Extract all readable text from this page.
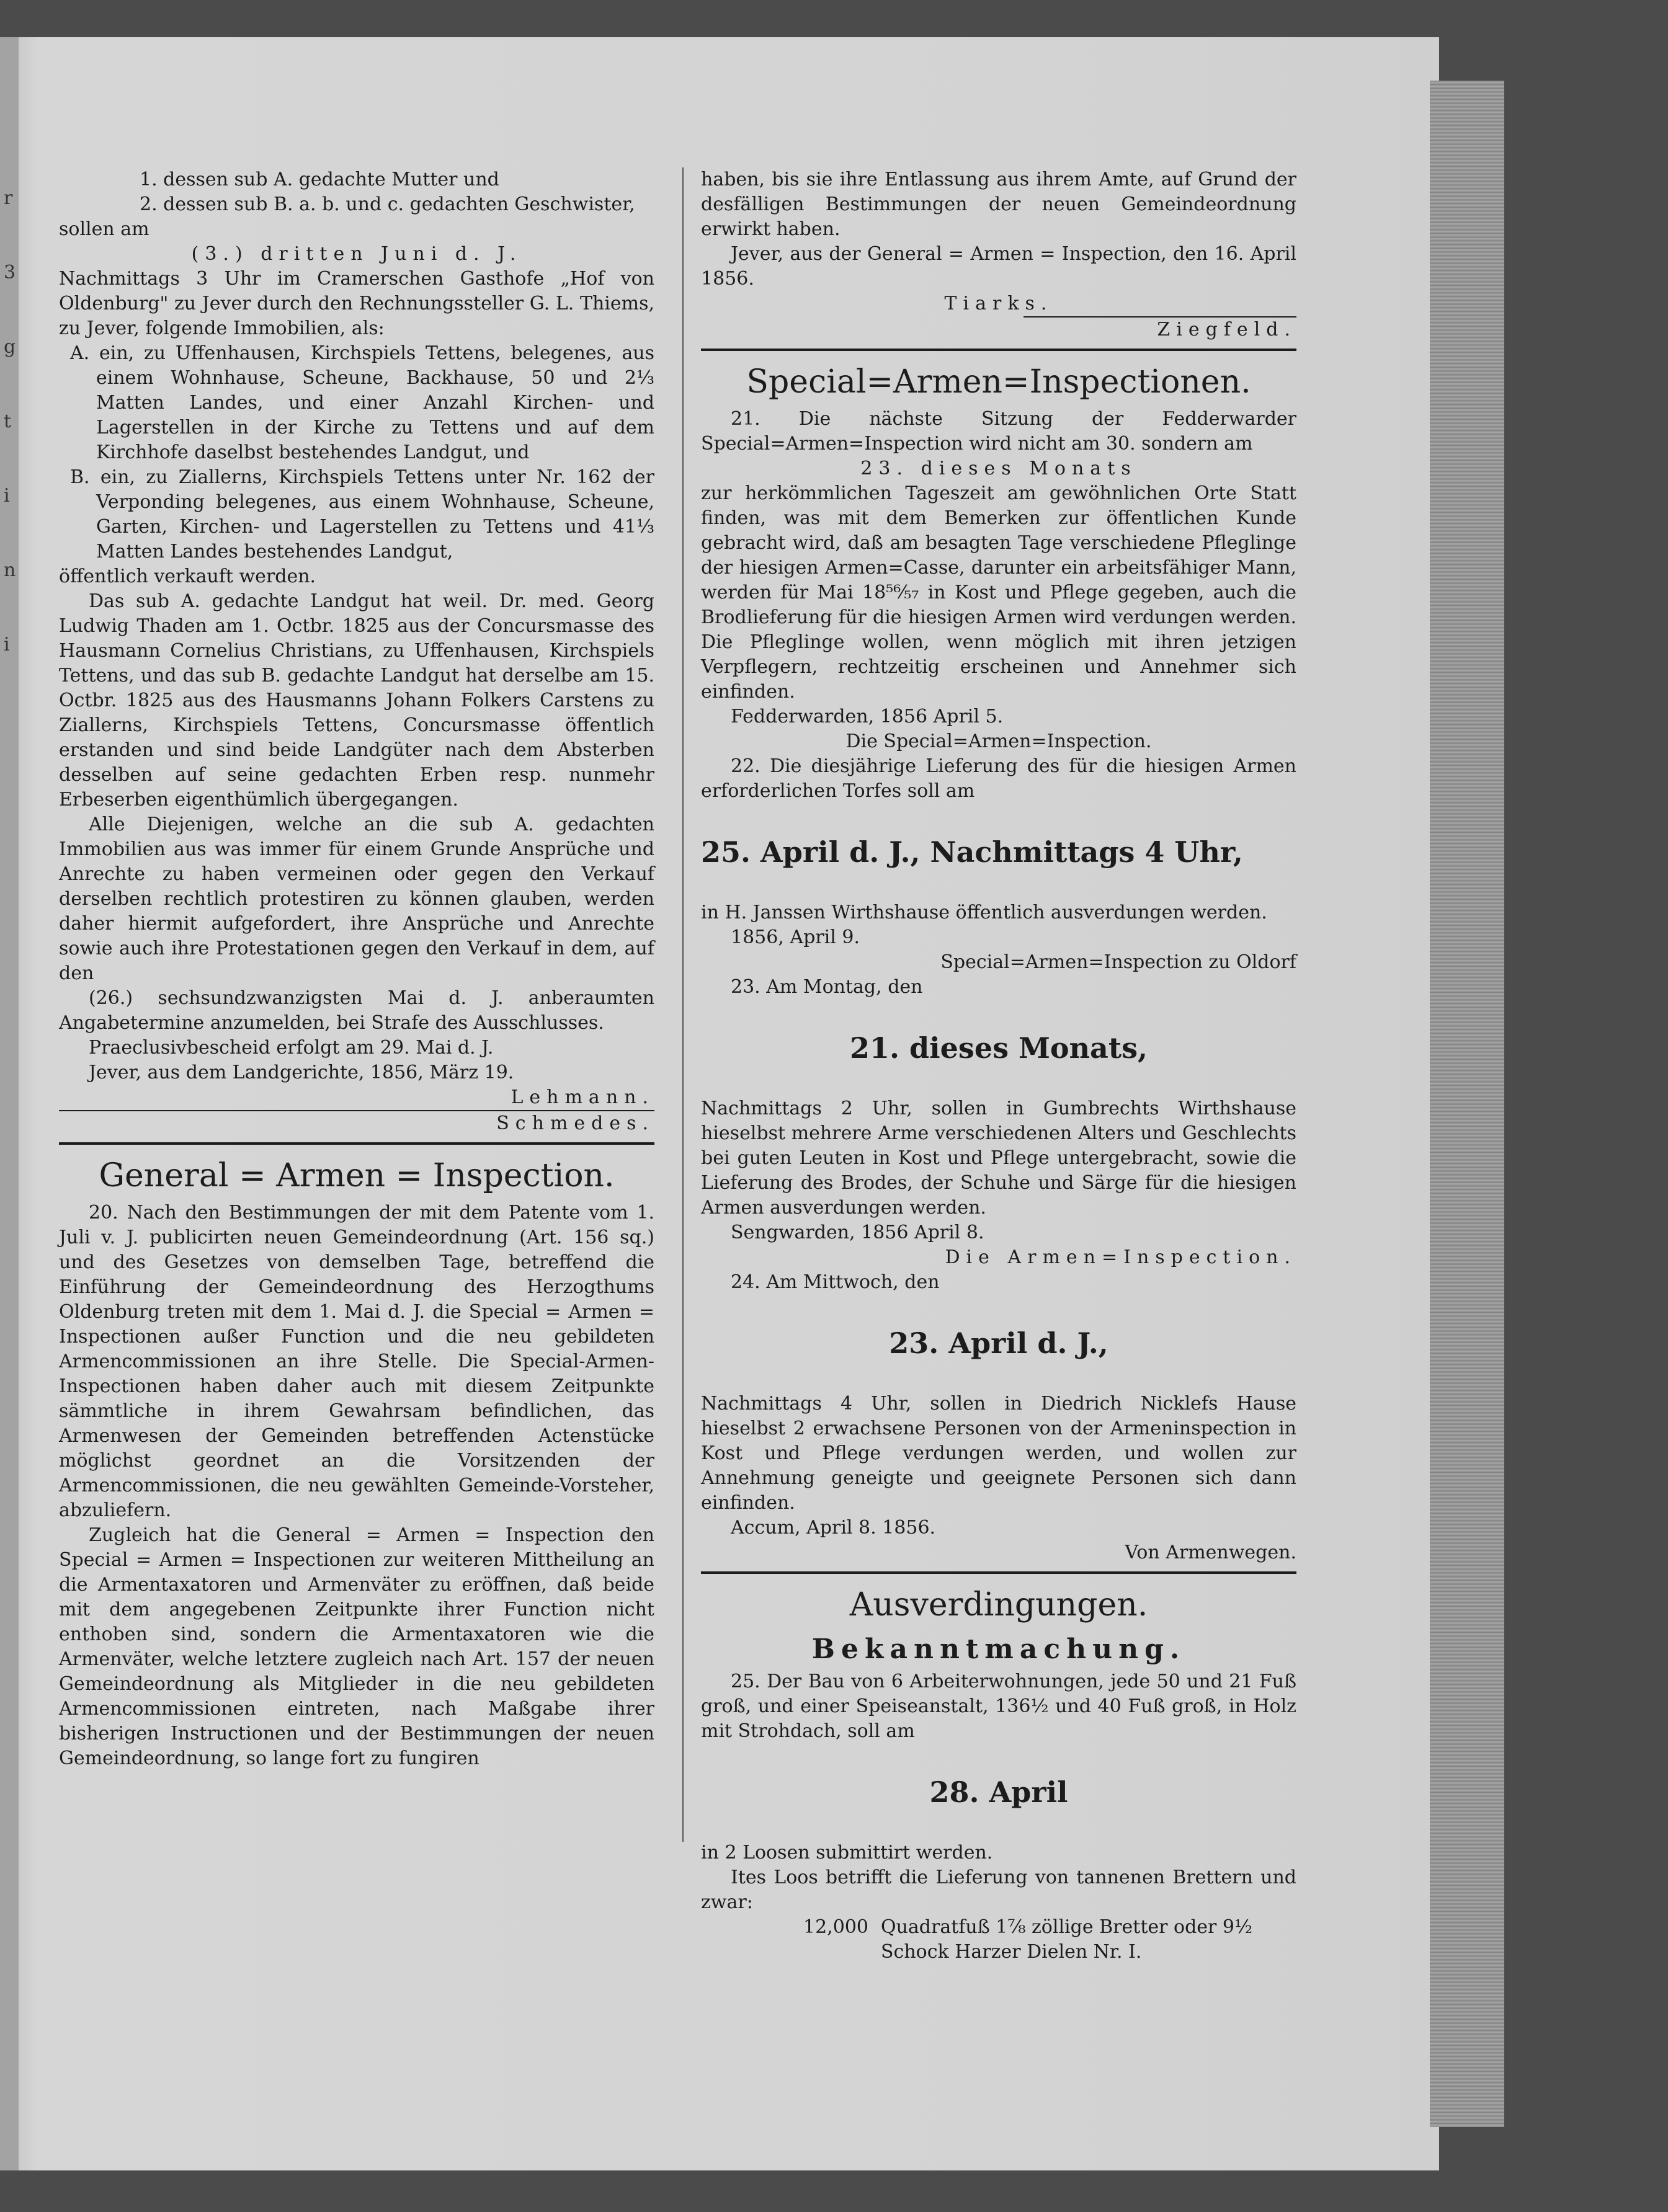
r
3
g
t
i
n
i

1. dessen sub A. gedachte Mutter und

2. dessen sub B. a. b. und c. gedachten Geschwister,

sollen am

(3.) dritten Juni d. J.

Nachmittags 3 Uhr im Cramerschen Gasthofe „Hof von Oldenburg" zu Jever durch den Rechnungssteller G. L. Thiems, zu Jever, folgende Immobilien, als:

A. ein, zu Uffenhausen, Kirchspiels Tettens, belegenes, aus einem Wohnhause, Scheune, Backhause, 50 und 2⅓ Matten Landes, und einer Anzahl Kirchen- und Lagerstellen in der Kirche zu Tettens und auf dem Kirchhofe daselbst bestehendes Landgut, und

B. ein, zu Ziallerns, Kirchspiels Tettens unter Nr. 162 der Verponding belegenes, aus einem Wohnhause, Scheune, Garten, Kirchen- und Lagerstellen zu Tettens und 41⅓ Matten Landes bestehendes Landgut,

öffentlich verkauft werden.

Das sub A. gedachte Landgut hat weil. Dr. med. Georg Ludwig Thaden am 1. Octbr. 1825 aus der Concursmasse des Hausmann Cornelius Christians, zu Uffenhausen, Kirchspiels Tettens, und das sub B. gedachte Landgut hat derselbe am 15. Octbr. 1825 aus des Hausmanns Johann Folkers Carstens zu Ziallerns, Kirchspiels Tettens, Concursmasse öffentlich erstanden und sind beide Landgüter nach dem Absterben desselben auf seine gedachten Erben resp. nunmehr Erbeserben eigenthümlich übergegangen.

Alle Diejenigen, welche an die sub A. gedachten Immobilien aus was immer für einem Grunde Ansprüche und Anrechte zu haben vermeinen oder gegen den Verkauf derselben rechtlich protestiren zu können glauben, werden daher hiermit aufgefordert, ihre Ansprüche und Anrechte sowie auch ihre Protestationen gegen den Verkauf in dem, auf den

(26.) sechsundzwanzigsten Mai d. J. anberaumten Angabetermine anzumelden, bei Strafe des Ausschlusses.

Praeclusivbescheid erfolgt am 29. Mai d. J.

Jever, aus dem Landgerichte, 1856, März 19.

Lehmann.

Schmedes.

General = Armen = Inspection.

20. Nach den Bestimmungen der mit dem Patente vom 1. Juli v. J. publicirten neuen Gemeindeordnung (Art. 156 sq.) und des Gesetzes von demselben Tage, betreffend die Einführung der Gemeindeordnung des Herzogthums Oldenburg treten mit dem 1. Mai d. J. die Special = Armen = Inspectionen außer Function und die neu gebildeten Armencommissionen an ihre Stelle. Die Special-Armen-Inspectionen haben daher auch mit diesem Zeitpunkte sämmtliche in ihrem Gewahrsam befindlichen, das Armenwesen der Gemeinden betreffenden Actenstücke möglichst geordnet an die Vorsitzenden der Armencommissionen, die neu gewählten Gemeinde-Vorsteher, abzuliefern.

Zugleich hat die General = Armen = Inspection den Special = Armen = Inspectionen zur weiteren Mittheilung an die Armentaxatoren und Armenväter zu eröffnen, daß beide mit dem angegebenen Zeitpunkte ihrer Function nicht enthoben sind, sondern die Armentaxatoren wie die Armenväter, welche letztere zugleich nach Art. 157 der neuen Gemeindeordnung als Mitglieder in die neu gebildeten Armencommissionen eintreten, nach Maßgabe ihrer bisherigen Instructionen und der Bestimmungen der neuen Gemeindeordnung, so lange fort zu fungiren

haben, bis sie ihre Entlassung aus ihrem Amte, auf Grund der desfälligen Bestimmungen der neuen Gemeindeordnung erwirkt haben.

Jever, aus der General = Armen = Inspection, den 16. April 1856.

Tiarks.

Ziegfeld.

Special=Armen=Inspectionen.

21. Die nächste Sitzung der Fedderwarder Special=Armen=Inspection wird nicht am 30. sondern am

23. dieses Monats

zur herkömmlichen Tageszeit am gewöhnlichen Orte Statt finden, was mit dem Bemerken zur öffentlichen Kunde gebracht wird, daß am besagten Tage verschiedene Pfleglinge der hiesigen Armen=Casse, darunter ein arbeitsfähiger Mann, werden für Mai 18⁵⁶⁄₅₇ in Kost und Pflege gegeben, auch die Brodlieferung für die hiesigen Armen wird verdungen werden. Die Pfleglinge wollen, wenn möglich mit ihren jetzigen Verpflegern, rechtzeitig erscheinen und Annehmer sich einfinden.

Fedderwarden, 1856 April 5.

Die Special=Armen=Inspection.

22. Die diesjährige Lieferung des für die hiesigen Armen erforderlichen Torfes soll am

25. April d. J., Nachmittags 4 Uhr,

in H. Janssen Wirthshause öffentlich ausverdungen werden.

1856, April 9.

Special=Armen=Inspection zu Oldorf

23. Am Montag, den

21. dieses Monats,

Nachmittags 2 Uhr, sollen in Gumbrechts Wirthshause hieselbst mehrere Arme verschiedenen Alters und Geschlechts bei guten Leuten in Kost und Pflege untergebracht, sowie die Lieferung des Brodes, der Schuhe und Särge für die hiesigen Armen ausverdungen werden.

Sengwarden, 1856 April 8.

Die Armen=Inspection.

24. Am Mittwoch, den

23. April d. J.,

Nachmittags 4 Uhr, sollen in Diedrich Nicklefs Hause hieselbst 2 erwachsene Personen von der Armeninspection in Kost und Pflege verdungen werden, und wollen zur Annehmung geneigte und geeignete Personen sich dann einfinden.

Accum, April 8. 1856.

Von Armenwegen.

Ausverdingungen.

Bekanntmachung.

25. Der Bau von 6 Arbeiterwohnungen, jede 50 und 21 Fuß groß, und einer Speiseanstalt, 136½ und 40 Fuß groß, in Holz mit Strohdach, soll am

28. April

in 2 Loosen submittirt werden.

Ites Loos betrifft die Lieferung von tannenen Brettern und zwar:

12,000 Quadratfuß 1⅞ zöllige Bretter oder 9½ Schock Harzer Dielen Nr. I.
